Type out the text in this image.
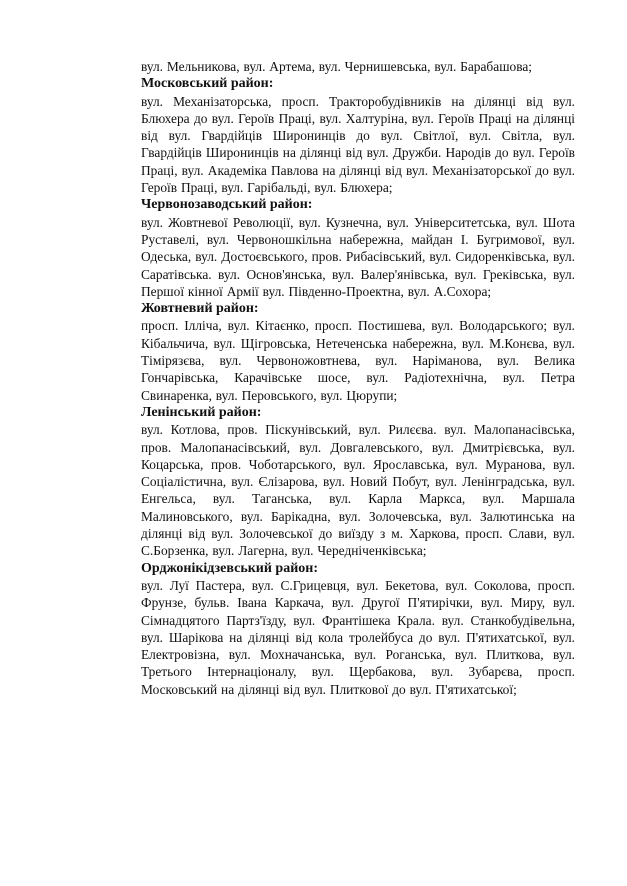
вул. Мельникова, вул. Артема, вул. Чернишевська, вул. Барабашова;

Московський район:

вул. Механізаторська, просп. Тракторобудівників на ділянці від вул. Блюхера до вул. Героїв Праці, вул. Халтуріна, вул. Героїв Праці на ділянці від вул. Гвардійців Широнинців до вул. Світлої, вул. Світла, вул. Гвардійців Широнинців на ділянці від вул. Дружби. Народів до вул. Героїв Праці, вул. Академіка Павлова на ділянці від вул. Механізаторської до вул. Героїв Праці, вул. Гарібальді, вул. Блюхера;

Червонозаводський район:

вул. Жовтневої Революції, вул. Кузнечна, вул. Університетська, вул. Шота Руставелі, вул. Червоношкільна набережна, майдан І. Бугримової, вул. Одеська, вул. Достоєвського, пров. Рибасівський, вул. Сидоренківська, вул. Саратівська. вул. Основ'янська, вул. Валер'янівська, вул. Греківська, вул. Першої кінної Армії вул. Південно-Проектна, вул. А.Сохора;

Жовтневий район:

просп. Ілліча, вул. Кітаєнко, просп. Постишева, вул. Володарського; вул. Кібальчича, вул. Щігровська, Нетеченська набережна, вул. М.Конєва, вул. Тімірязєва, вул. Червоножовтнева, вул. Наріманова, вул. Велика Гончарівська, Карачівське шосе, вул. Радіотехнічна, вул. Петра Свинаренка, вул. Перовського, вул. Цюрупи;

Ленінський район:

вул. Котлова, пров. Піскунівський, вул. Рилєєва. вул. Малопанасівська, пров. Малопанасівський, вул. Довгалевського, вул. Дмитрієвська, вул. Коцарська, пров. Чоботарського, вул. Ярославська, вул. Муранова, вул. Соціалістична, вул. Єлізарова, вул. Новий Побут, вул. Ленінградська, вул. Енгельса, вул. Таганська, вул. Карла Маркса, вул. Маршала Малиновського, вул. Барікадна, вул. Золочевська, вул. Залютинська на ділянці від вул. Золочевської до виїзду з м. Харкова, просп. Слави, вул. С.Борзенка, вул. Лагерна, вул. Чередніченківська;

Орджонікідзевський район:

вул. Луї Пастера, вул. С.Грицевця, вул. Бекетова, вул. Соколова, просп. Фрунзе, бульв. Івана Каркача, вул. Другої П'ятирічки, вул. Миру, вул. Сімнадцятого Партз'їзду, вул. Франтішека Крала. вул. Станкобудівельна, вул. Шарікова на ділянці від кола тролейбуса до вул. П'ятихатської, вул. Електровізна, вул. Мохначанська, вул. Роганська, вул. Плиткова, вул. Третього Інтернаціоналу, вул. Щербакова, вул. Зубарєва, просп. Московський на ділянці від вул. Плиткової до вул. П'ятихатської;
